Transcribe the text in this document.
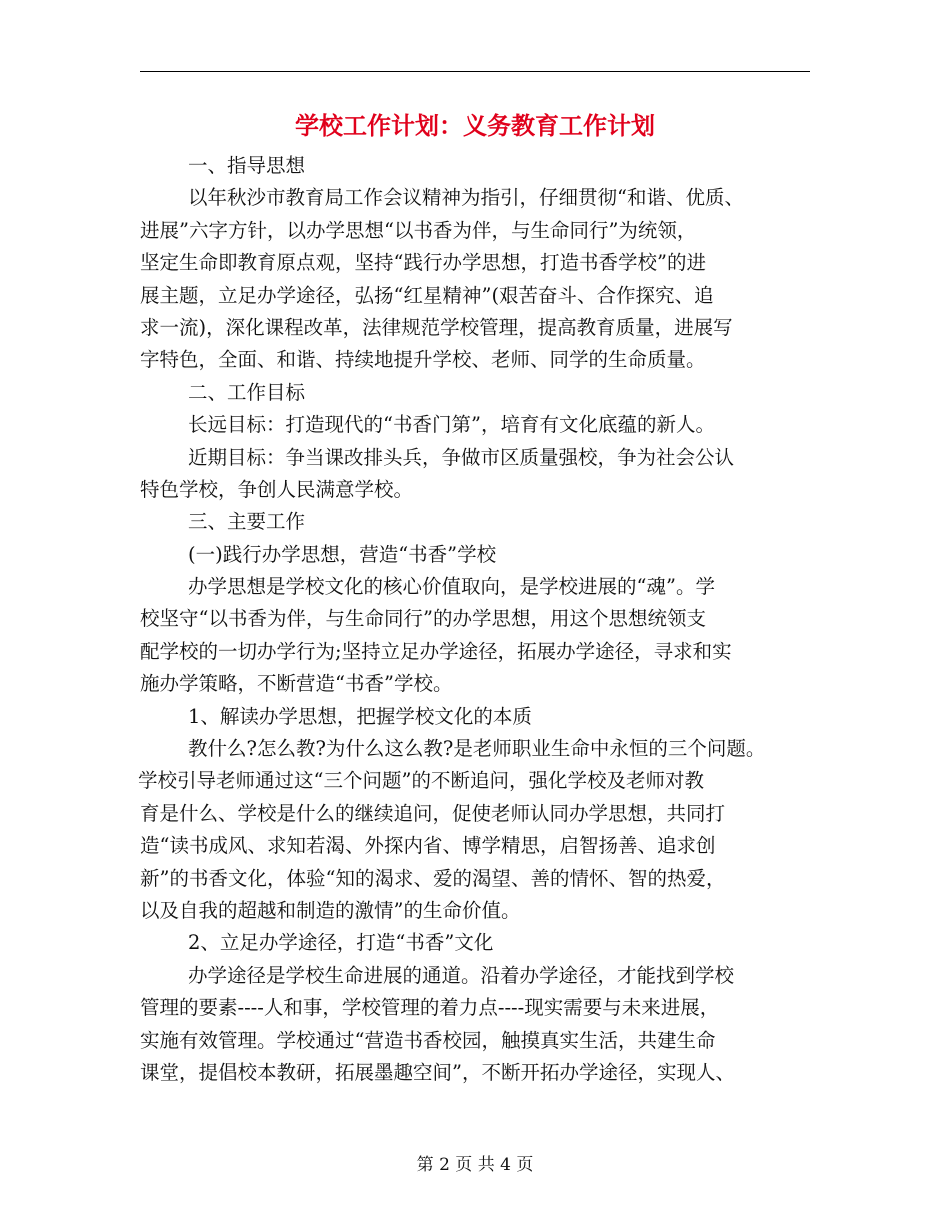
学校工作计划：义务教育工作计划
一、指导思想
以年秋沙市教育局工作会议精神为指引，仔细贯彻“和谐、优质、
进展”六字方针，以办学思想“以书香为伴，与生命同行”为统领，
坚定生命即教育原点观，坚持“践行办学思想，打造书香学校”的进
展主题，立足办学途径，弘扬“红星精神”(艰苦奋斗、合作探究、追
求一流)，深化课程改革，法律规范学校管理，提高教育质量，进展写
字特色，全面、和谐、持续地提升学校、老师、同学的生命质量。
二、工作目标
长远目标：打造现代的“书香门第”，培育有文化底蕴的新人。
近期目标：争当课改排头兵，争做市区质量强校，争为社会公认
特色学校，争创人民满意学校。
三、主要工作
(一)践行办学思想，营造“书香”学校
办学思想是学校文化的核心价值取向，是学校进展的“魂”。学
校坚守“以书香为伴，与生命同行”的办学思想，用这个思想统领支
配学校的一切办学行为;坚持立足办学途径，拓展办学途径，寻求和实
施办学策略，不断营造“书香”学校。
1、解读办学思想，把握学校文化的本质
教什么?怎么教?为什么这么教?是老师职业生命中永恒的三个问题。
学校引导老师通过这“三个问题”的不断追问，强化学校及老师对教
育是什么、学校是什么的继续追问，促使老师认同办学思想，共同打
造“读书成风、求知若渴、外探内省、博学精思，启智扬善、追求创
新”的书香文化，体验“知的渴求、爱的渴望、善的情怀、智的热爱，
以及自我的超越和制造的激情”的生命价值。
2、立足办学途径，打造“书香”文化
办学途径是学校生命进展的通道。沿着办学途径，才能找到学校
管理的要素----人和事，学校管理的着力点----现实需要与未来进展，
实施有效管理。学校通过“营造书香校园，触摸真实生活，共建生命
课堂，提倡校本教研，拓展墨趣空间”，不断开拓办学途径，实现人、
第 2 页 共 4 页
